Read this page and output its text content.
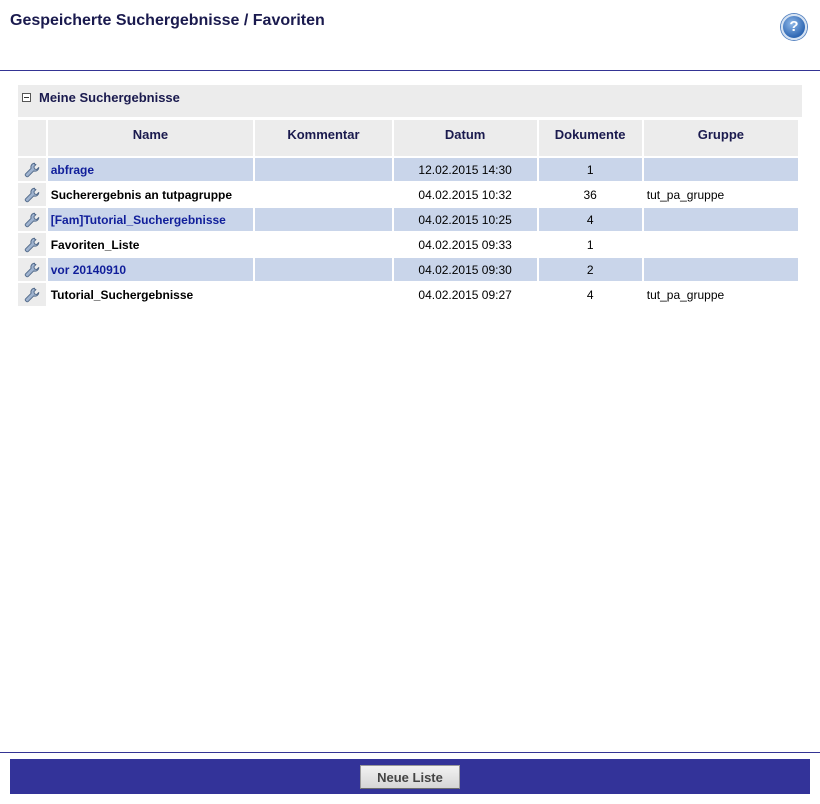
Gespeicherte Suchergebnisse / Favoriten	?
Meine Suchergebnisse
	Name	Kommentar	Datum	Dokumente	Gruppe
	abfrage		12.02.2015 14:30	1	
	Sucherergebnis an tutpagruppe		04.02.2015 10:32	36	tut_pa_gruppe
	[Fam]Tutorial_Suchergebnisse		04.02.2015 10:25	4	
	Favoriten_Liste		04.02.2015 09:33	1	
	vor 20140910		04.02.2015 09:30	2	
	Tutorial_Suchergebnisse		04.02.2015 09:27	4	tut_pa_gruppe
Neue Liste
